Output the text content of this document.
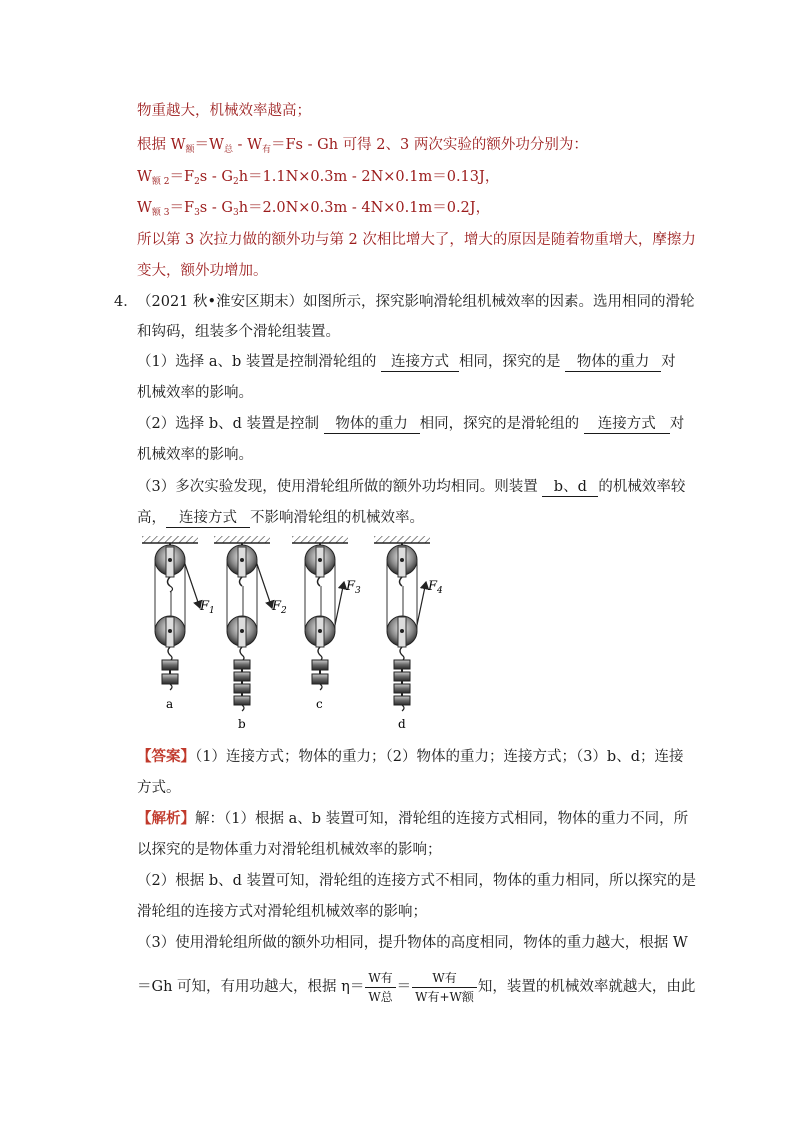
物重越大，机械效率越高；
根据 $W_额=W_总 - W_有=Fs - Gh$ 可得 2、3 两次实验的额外功分别为：
$W_{额 2}=F_2s - G_2h=1.1N\times 0.3m - 2N\times 0.1m=0.13J$，
$W_{额 3}=F_3s - G_3h=2.0N\times 0.3m - 4N\times 0.1m=0.2J$，
所以第 3 次拉力做的额外功与第 2 次相比增大了，增大的原因是随着物重增大，摩擦力
变大，额外功增加。
4． （2021 秋•淮安区期末）如图所示，探究影响滑轮组机械效率的因素。选用相同的滑轮
和钩码，组装多个滑轮组装置。
（1）选择 a、b 装置是控制滑轮组的 连接方式 相同，探究的是 物体的重力 对
机械效率的影响。
（2）选择 b、d 装置是控制 物体的重力 相同，探究的是滑轮组的 连接方式 对
机械效率的影响。
（3）多次实验发现，使用滑轮组所做的额外功均相同。则装置 b、d 的机械效率较
高， 连接方式 不影响滑轮组的机械效率。
$F_1$
a
$F_2$
b
$F_3$
c
$F_4$
d
【答案】（1）连接方式；物体的重力；（2）物体的重力；连接方式；（3）b、d；连接
方式。
【解析】解：（1）根据 a、b 装置可知，滑轮组的连接方式相同，物体的重力不同，所
以探究的是物体重力对滑轮组机械效率的影响；
（2）根据 b、d 装置可知，滑轮组的连接方式不相同，物体的重力相同，所以探究的是
滑轮组的连接方式对滑轮组机械效率的影响；
（3）使用滑轮组所做的额外功相同，提升物体的高度相同，物体的重力越大，根据 W
＝Gh 可知，有用功越大，根据 $\eta= \frac{\text{W有}}{\text{W总}} = \frac{\text{W有}}{\text{W有+W额}}$ 知，装置的机械效率就越大，由此
